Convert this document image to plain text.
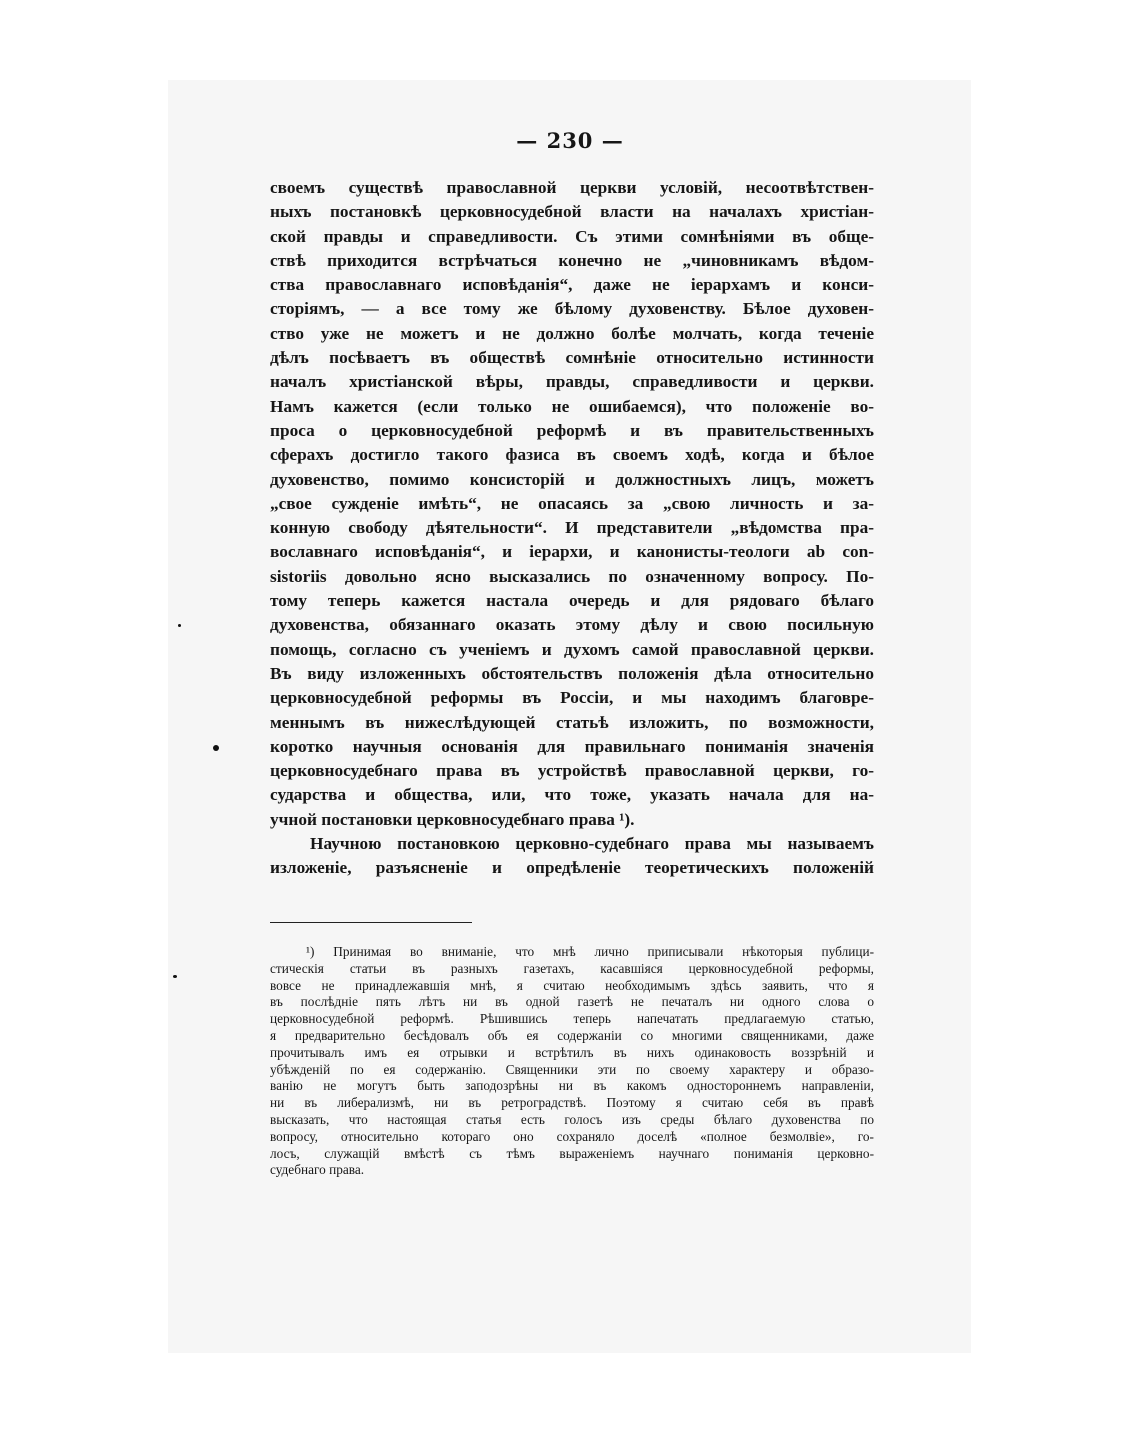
— 230 —
своемъ существѣ православной церкви условій, несоотвѣтствен-
ныхъ постановкѣ церковносудебной власти на началахъ христіан-
ской правды и справедливости. Съ этими сомнѣніями въ обще-
ствѣ приходится встрѣчаться конечно не „чиновникамъ вѣдом-
ства православнаго исповѣданія“, даже не іерархамъ и конси-
сторіямъ, — а все тому же бѣлому духовенству. Бѣлое духовен-
ство уже не можетъ и не должно болѣе молчать, когда теченіе
дѣлъ посѣваетъ въ обществѣ сомнѣніе относительно истинности
началъ христіанской вѣры, правды, справедливости и церкви.
Намъ кажется (если только не ошибаемся), что положеніе во-
проса о церковносудебной реформѣ и въ правительственныхъ
сферахъ достигло такого фазиса въ своемъ ходѣ, когда и бѣлое
духовенство, помимо консисторій и должностныхъ лицъ, можетъ
„свое сужденіе имѣть“, не опасаясь за „свою личность и за-
конную свободу дѣятельности“. И представители „вѣдомства пра-
вославнаго исповѣданія“, и іерархи, и канонисты-теологи ab con-
sistoriis довольно ясно высказались по означенному вопросу. По-
тому теперь кажется настала очередь и для рядоваго бѣлаго
духовенства, обязаннаго оказать этому дѣлу и свою посильную
помощь, согласно съ ученіемъ и духомъ самой православной церкви.
Въ виду изложенныхъ обстоятельствъ положенія дѣла относительно
церковносудебной реформы въ Россіи, и мы находимъ благовре-
меннымъ въ нижеслѣдующей статьѣ изложить, по возможности,
коротко научныя основанія для правильнаго пониманія значенія
церковносудебнаго права въ устройствѣ православной церкви, го-
сударства и общества, или, что тоже, указать начала для на-
учной постановки церковносудебнаго права ¹).
Научною постановкою церковно-судебнаго права мы называемъ
изложеніе, разъясненіе и опредѣленіе теоретическихъ положеній
¹) Принимая во вниманіе, что мнѣ лично приписывали нѣкоторыя публици-
стическія статьи въ разныхъ газетахъ, касавшіяся церковносудебной реформы,
вовсе не принадлежавшія мнѣ, я считаю необходимымъ здѣсь заявить, что я
въ послѣдніе пять лѣтъ ни въ одной газетѣ не печаталъ ни одного слова о
церковносудебной реформѣ. Рѣшившись теперь напечатать предлагаемую статью,
я предварительно бесѣдовалъ объ ея содержаніи со многими священниками, даже
прочитывалъ имъ ея отрывки и встрѣтилъ въ нихъ одинаковость воззрѣній и
убѣжденій по ея содержанію. Священники эти по своему характеру и образо-
ванію не могутъ быть заподозрѣны ни въ какомъ одностороннемъ направленіи,
ни въ либерализмѣ, ни въ ретроградствѣ. Поэтому я считаю себя въ правѣ
высказать, что настоящая статья есть голосъ изъ среды бѣлаго духовенства по
вопросу, относительно котораго оно сохраняло доселѣ «полное безмолвіе», го-
лосъ, служащій вмѣстѣ съ тѣмъ выраженіемъ научнаго пониманія церковно-
судебнаго права.
